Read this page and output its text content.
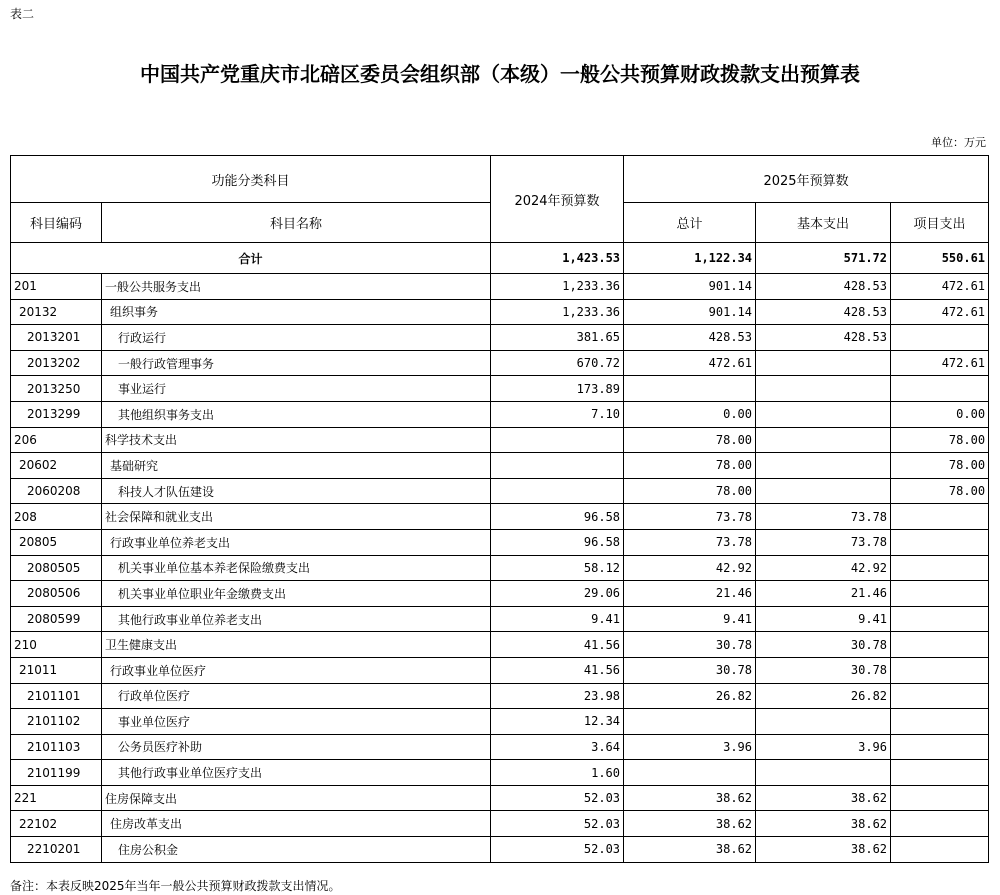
表二
中国共产党重庆市北碚区委员会组织部（本级）一般公共预算财政拨款支出预算表
单位：万元
功能分类科目		2024年预算数	2025年预算数		
科目编码	科目名称		总计	基本支出	项目支出
合计		1,423.53	1,122.34	571.72	550.61
201	一般公共服务支出	1,233.36	901.14	428.53	472.61
20132	组织事务	1,233.36	901.14	428.53	472.61
2013201	行政运行	381.65	428.53	428.53	
2013202	一般行政管理事务	670.72	472.61		472.61
2013250	事业运行	173.89			
2013299	其他组织事务支出	7.10	0.00		0.00
206	科学技术支出		78.00		78.00
20602	基础研究		78.00		78.00
2060208	科技人才队伍建设		78.00		78.00
208	社会保障和就业支出	96.58	73.78	73.78	
20805	行政事业单位养老支出	96.58	73.78	73.78	
2080505	机关事业单位基本养老保险缴费支出	58.12	42.92	42.92	
2080506	机关事业单位职业年金缴费支出	29.06	21.46	21.46	
2080599	其他行政事业单位养老支出	9.41	9.41	9.41	
210	卫生健康支出	41.56	30.78	30.78	
21011	行政事业单位医疗	41.56	30.78	30.78	
2101101	行政单位医疗	23.98	26.82	26.82	
2101102	事业单位医疗	12.34			
2101103	公务员医疗补助	3.64	3.96	3.96	
2101199	其他行政事业单位医疗支出	1.60			
221	住房保障支出	52.03	38.62	38.62	
22102	住房改革支出	52.03	38.62	38.62	
2210201	住房公积金	52.03	38.62	38.62	
备注：本表反映2025年当年一般公共预算财政拨款支出情况。
